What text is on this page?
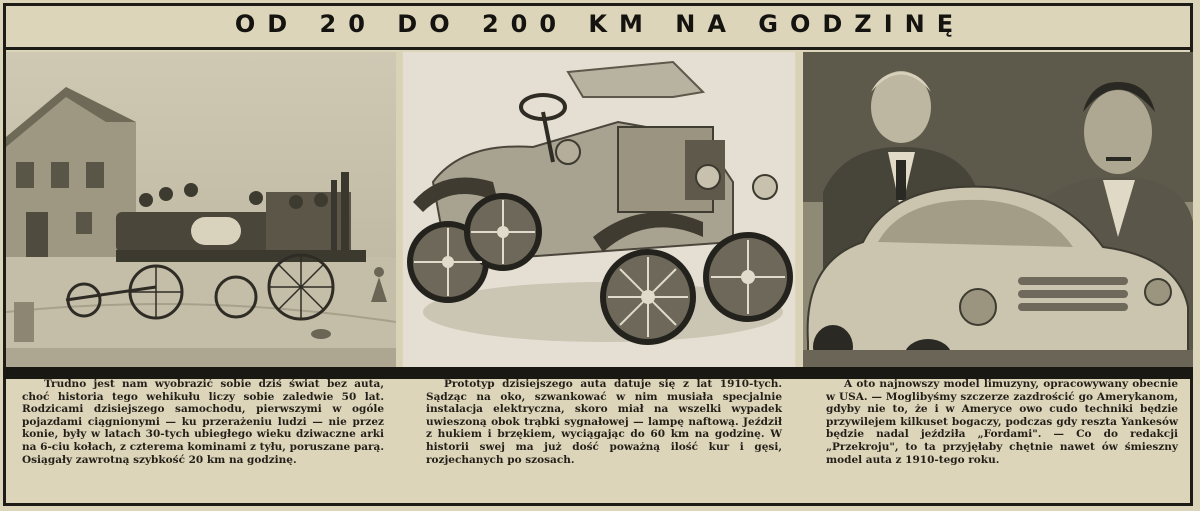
OD 20 DO 200 KM NA GODZINĘ
Trudno jest nam wyobrazić sobie dziś świat bez auta, choć historia tego wehikułu liczy sobie zaledwie 50 lat. Rodzicami dzisiejszego samochodu, pierwszymi w ogóle pojazdami ciągnionymi — ku przerażeniu ludzi — nie przez konie, były w latach 30-tych ubiegłego wieku dziwaczne arki na 6-ciu kołach, z czterema kominami z tyłu, poruszane parą. Osiągały zawrotną szybkość 20 km na godzinę.
Prototyp dzisiejszego auta datuje się z lat 1910-tych. Sądząc na oko, szwankować w nim musiała specjalnie instalacja elektryczna, skoro miał na wszelki wypadek uwieszoną obok trąbki sygnałowej — lampę naftową. Jeździł z hukiem i brzękiem, wyciągając do 60 km na godzinę. W historii swej ma już dość poważną ilość kur i gęsi, rozjechanych po szosach.
A oto najnowszy model limuzyny, opracowywany obecnie w USA. — Moglibyśmy szczerze zazdrościć go Amerykanom, gdyby nie to, że i w Ameryce owo cudo techniki będzie przywilejem kilkuset bogaczy, podczas gdy reszta Yankesów będzie nadal jeździła „Fordami". — Co do redakcji „Przekroju", to ta przyjęłaby chętnie nawet ów śmieszny model auta z 1910-tego roku.
